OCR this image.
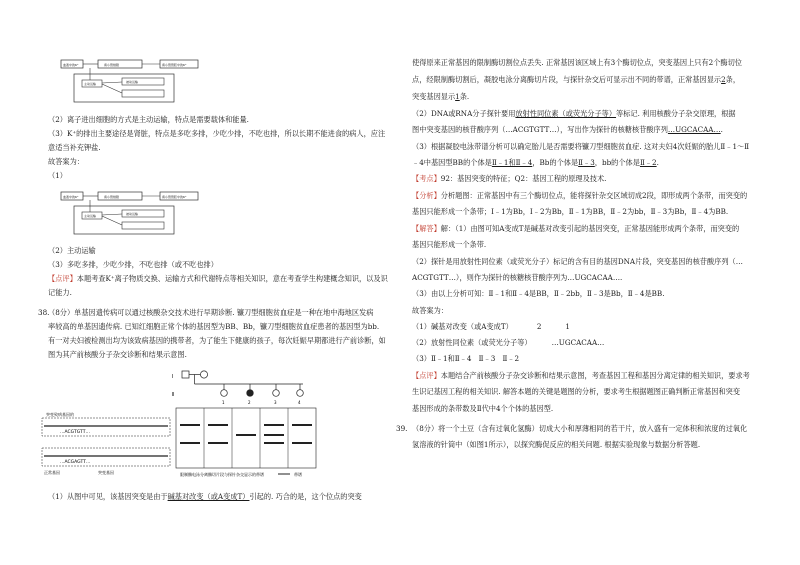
血液中的K⁺	肾小管细胞	肾小管管腔中的K⁺
主动运输	被动运输
（2）离子进出细胞的方式是主动运输，特点是需要载体和能量.
（3）K⁺的排出主要途径是肾脏，特点是多吃多排，少吃少排，不吃也排，所以长期不能进食的病人，应注
意适当补充钾盐.
故答案为：
（1）
血液中的K⁺	肾小管细胞	肾小管管腔中的K⁺
主动运输	被动运输
（2）主动运输
（3）多吃多排，少吃少排，不吃也排（或不吃也排）
【点评】本题考查K⁺离子物质交换、运输方式和代谢特点等相关知识，意在考查学生构建概念知识，以及识
记能力.
38.
（8分）单基因遗传病可以通过核酸杂交技术进行早期诊断. 镰刀型细胞贫血症是一种在地中海地区发病
率较高的单基因遗传病. 已知红细胞正常个体的基因型为BB、Bb，镰刀型细胞贫血症患者的基因型为bb.
有一对夫妇被检测出均为该致病基因的携带者，为了能生下健康的孩子，每次妊娠早期都进行产前诊断，如
图为其产前核酸分子杂交诊断和结果示意图.
Ⅰ
Ⅱ
1	2	3	4
突变致病基因的
…ACGTGTT…
…ACGAGTT…
正常基因	突变基因	限制酶电泳分离酶切片段与探针杂交显示的带谱	带谱
（1）从图中可见，该基因突变是由于碱基对改变（或A变成T）引起的. 巧合的是，这个位点的突变
使得原来正常基因的限制酶切割位点丢失. 正常基因该区域上有3个酶切位点，突变基因上只有2个酶切位
点，经限制酶切割后，凝胶电泳分离酶切片段，与探针杂交后可显示出不同的带谱，正常基因显示2条，
突变基因显示1条.
（2）DNA或RNA分子探针要用放射性同位素（或荧光分子等）等标记. 利用核酸分子杂交原理，根据
图中突变基因的核苷酸序列（…ACGTGTT…），写出作为探针的核糖核苷酸序列…UGCACAA….
（3）根据凝胶电泳带谱分析可以确定胎儿是否需要将镰刀型细胞贫血症. 这对夫妇4次妊娠的胎儿Ⅱ﹣1～Ⅱ
﹣4中基因型BB的个体是Ⅱ﹣1和Ⅱ﹣4，Bb的个体是Ⅱ﹣3，bb的个体是Ⅱ﹣2.
【考点】92：基因突变的特征；Q2：基因工程的原理及技术.
【分析】分析题图：正常基因中有三个酶切位点，能将探针杂交区域切成2段，即形成两个条带，而突变的
基因只能形成一个条带；Ⅰ﹣1为Bb，Ⅰ﹣2为Bb，Ⅱ﹣1为BB，Ⅱ﹣2为bb，Ⅱ﹣3为Bb，Ⅱ﹣4为BB.
【解答】解：（1）由图可知A变成T是碱基对改变引起的基因突变，正常基因能形成两个条带，而突变的
基因只能形成一个条带.
（2）探针是用放射性同位素（或荧光分子）标记的含有目的基因DNA片段，突变基因的核苷酸序列（…
ACGTGTT…），则作为探针的核糖核苷酸序列为…UGCACAA….
（3）由以上分析可知：Ⅱ﹣1和Ⅱ﹣4是BB，Ⅱ﹣2bb，Ⅱ﹣3是Bb，Ⅱ﹣4是BB.
故答案为：
（1）碱基对改变（或A变成T）	2	1
（2）放射性同位素（或荧光分子等）	…UGCACAA…
（3）Ⅱ﹣1和Ⅱ﹣4　Ⅱ﹣3　Ⅱ﹣2
【点评】本题结合产前核酸分子杂交诊断和结果示意图，考查基因工程和基因分离定律的相关知识，要求考
生识记基因工程的相关知识. 解答本题的关键是题图的分析，要求考生根据题图正确判断正常基因和突变
基因形成的条带数及Ⅱ代中4个个体的基因型.
39. （8分）将一个土豆（含有过氧化氢酶）切成大小和厚薄相同的若干片，放入盛有一定体积和浓度的过氧化
氢溶液的针筒中（如图1所示），以探究酶促反应的相关问题. 根据实验现象与数据分析答题.
